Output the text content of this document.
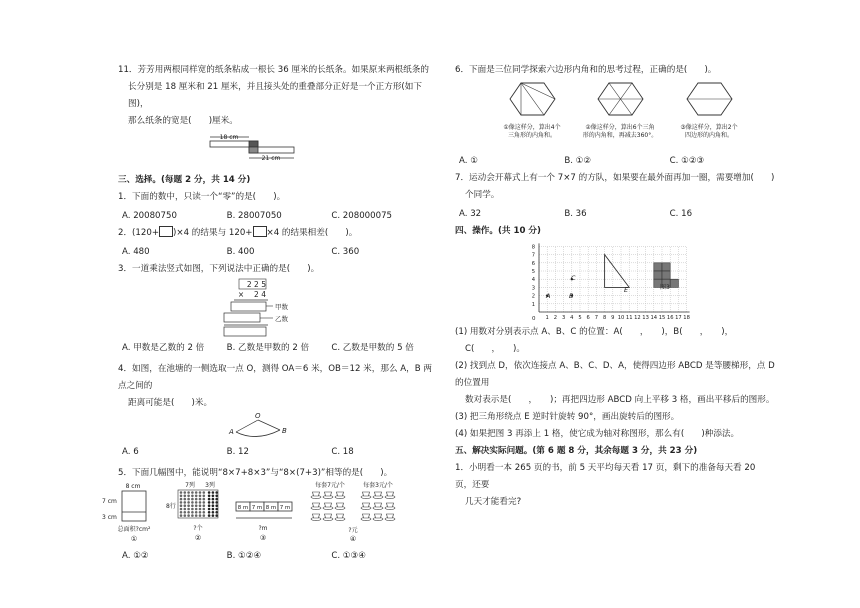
11．芳芳用两根同样宽的纸条粘成一根长 36 厘米的长纸条。如果原来两根纸条的
长分别是 18 厘米和 21 厘米，并且接头处的重叠部分正好是一个正方形(如下图)，
那么纸条的宽是(　　)厘米。
18 cm
21 cm
三、选择。(每题 2 分，共 14 分)
1．下面的数中，只读一个“零”的是(　　)。
A. 20080750	B. 28007050	C. 208000075
2．(120+ )×4 的结果与 120+ ×4 的结果相差(　　)。
A. 480	B. 400	C. 360
3．一道乘法竖式如图，下列说法中正确的是(　　)。
2 2 5
× 　2 4
甲数
乙数
A. 甲数是乙数的 2 倍	B. 乙数是甲数的 2 倍	C. 乙数是甲数的 5 倍
4．如图，在池塘的一侧选取一点 O，测得 OA＝6 米，OB＝12 米，那么 A，B 两点之间的
距离可能是(　　)米。
O
A	B
A. 6	B. 12	C. 18
5．下面几幅图中，能说明“8×7+8×3”与“8×(7+3)”相等的是(　　)。
8 cm
7 cm
3 cm
总面积?cm²
①
7列 3列
8行
?个
②
?m
③
8 m 7 m 8 m 7 m
每套7元/个	每套3元/个
?元
④
A. ①②	B. ①②④	C. ①③④
6．下面是三位同学探索六边形内角和的思考过程，正确的是(　　)。
①像这样分，算出4个
三角形的内角和。
②像这样分，算出6个三角
形的内角和，再减去360°。
③像这样分，算出2个
四边形的内角和。
A. ①	B. ①②	C. ①②③
7．运动会开幕式上有一个 7×7 的方队，如果要在最外面再加一圈，需要增加(　　)
个同学。
A. 32	B. 36	C. 16
四、操作。(共 10 分)
1 2 3 4 5 6 7 8 9 10 11 12 13 14 15 16 17 18
1
2
3
4
5
6
7
8
0
A	B
C
E	图3
(1) 用数对分别表示点 A、B、C 的位置：A(　　，　　)，B(　　，　　)，
C(　　，　　)。
(2) 找到点 D，依次连接点 A、B、C、D、A，使得四边形 ABCD 是等腰梯形，点 D 的位置用
数对表示是(　　，　　)；再把四边形 ABCD 向上平移 3 格，画出平移后的图形。
(3) 把三角形绕点 E 逆时针旋转 90°，画出旋转后的图形。
(4) 如果把图 3 再添上 1 格，使它成为轴对称图形，那么有(　　)种添法。
五、解决实际问题。(第 6 题 8 分，其余每题 3 分，共 23 分)
1．小明看一本 265 页的书，前 5 天平均每天看 17 页，剩下的准备每天看 20 页，还要
几天才能看完?
